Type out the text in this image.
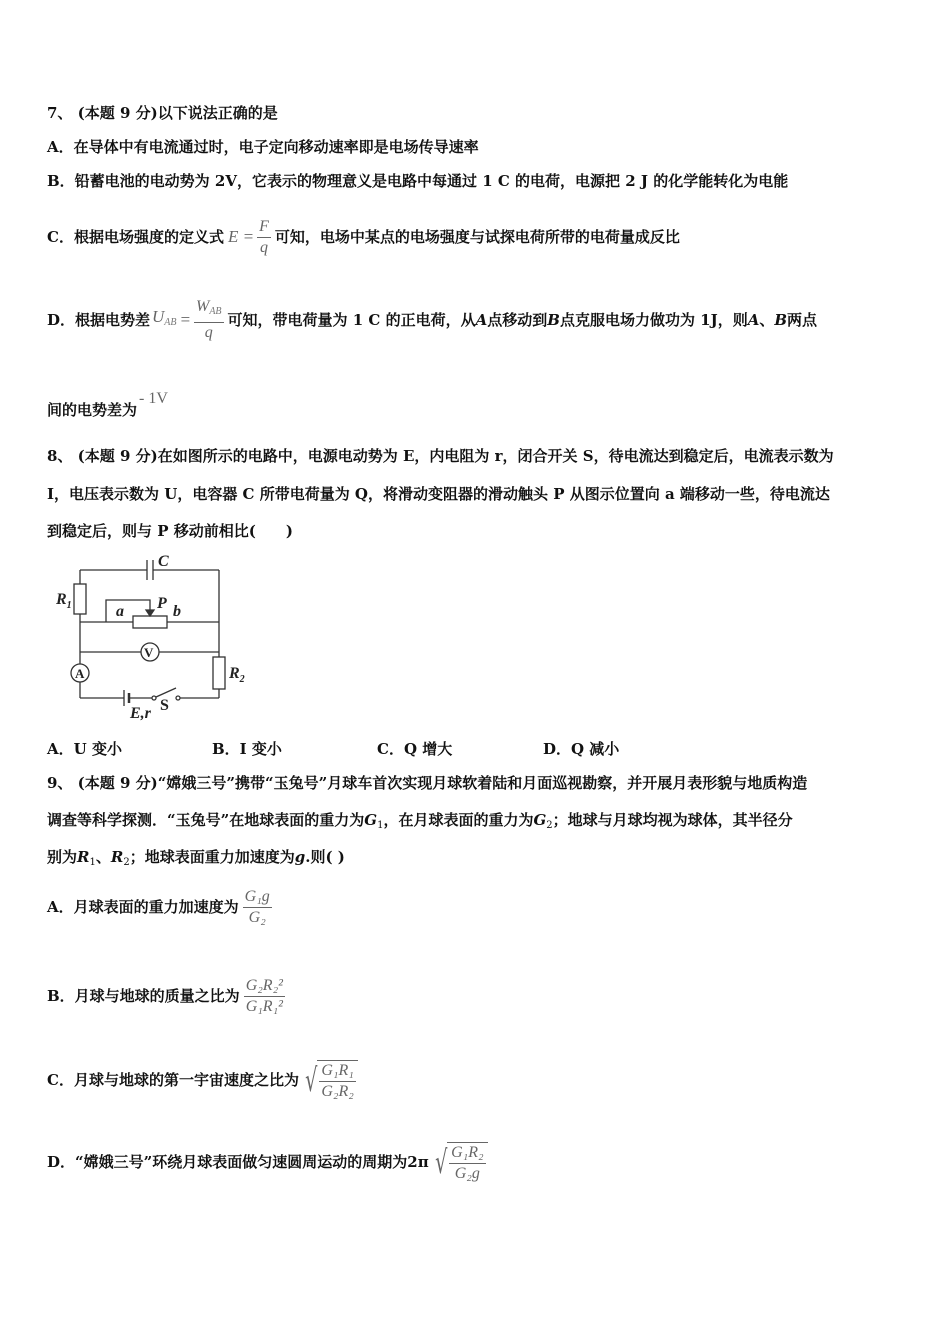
7、 (本题 9 分)以下说法正确的是
A．在导体中有电流通过时，电子定向移动速率即是电场传导速率
B．铅蓄电池的电动势为 2V，它表示的物理意义是电路中每通过 1 C 的电荷，电源把 2 J 的化学能转化为电能
C．根据电场强度的定义式 $E = \frac{F}{q}$ 可知，电场中某点的电场强度与试探电荷所带的电荷量成反比
D．根据电势差 $U_{AB} = \frac{W_{AB}}{q}$ 可知，带电荷量为 1 C 的正电荷，从A点移动到B点克服电场力做功为 1J，则A、B两点
间的电势差为- 1V
8、 (本题 9 分)在如图所示的电路中，电源电动势为 E，内电阻为 r，闭合开关 S，待电流达到稳定后，电流表示数为
I，电压表示数为 U，电容器 C 所带电荷量为 Q，将滑动变阻器的滑动触头 P 从图示位置向 a 端移动一些，待电流达
到稳定后，则与 P 移动前相比(　　)
C
$R_1$	a P b
V
A	$R_2$
E,r S
A．U 变小	B．I 变小	C．Q 增大	D．Q 减小
9、 (本题 9 分)“嫦娥三号”携带“玉兔号”月球车首次实现月球软着陆和月面巡视勘察，并开展月表形貌与地质构造
调查等科学探测．“玉兔号”在地球表面的重力为$G_1$，在月球表面的重力为$G_2$；地球与月球均视为球体，其半径分
别为$R_1$、$R_2$；地球表面重力加速度为g.则( )
A．月球表面的重力加速度为 $\frac{\text{G₁g}}{\text{G₂}}$
B．月球与地球的质量之比为 $\frac{\text{G₂R₂²}}{\text{G₁R₁²}}$
C．月球与地球的第一宇宙速度之比为 √ $\frac{\text{G₁R₁}}{\text{G₂R₂}}$
D．“嫦娥三号”环绕月球表面做匀速圆周运动的周期为 2π √ $\frac{\text{G₁R₂}}{\text{G₂g}}$
